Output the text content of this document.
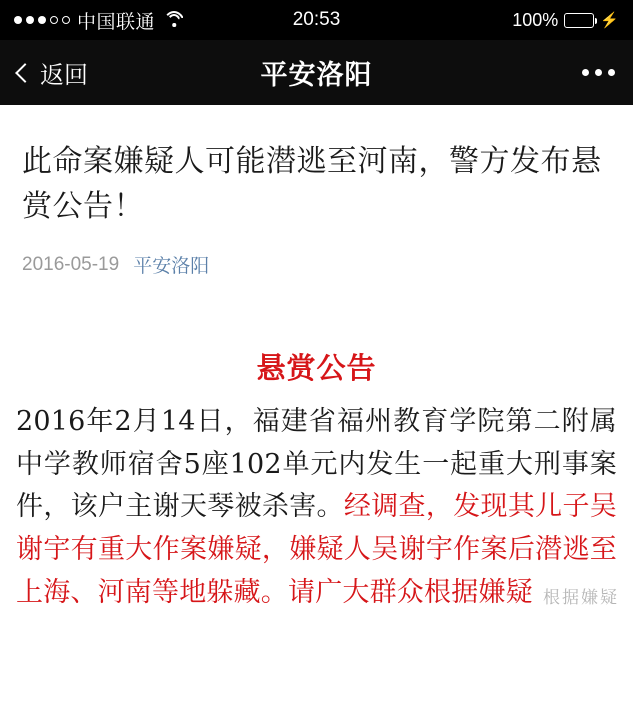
中国联通	20:53	100%	⚡
返回	平安洛阳
此命案嫌疑人可能潜逃至河南，警方发布悬赏公告！
2016-05-19 平安洛阳
悬赏公告
2016年2月14日，福建省福州教育学院第二附属中学教师宿舍5座102单元内发生一起重大刑事案件，该户主谢天琴被杀害。经调查，发现其儿子吴谢宇有重大作案嫌疑，嫌疑人吴谢宇作案后潜逃至上海、河南等地躲藏。请广大群众根据嫌疑 根据嫌疑
